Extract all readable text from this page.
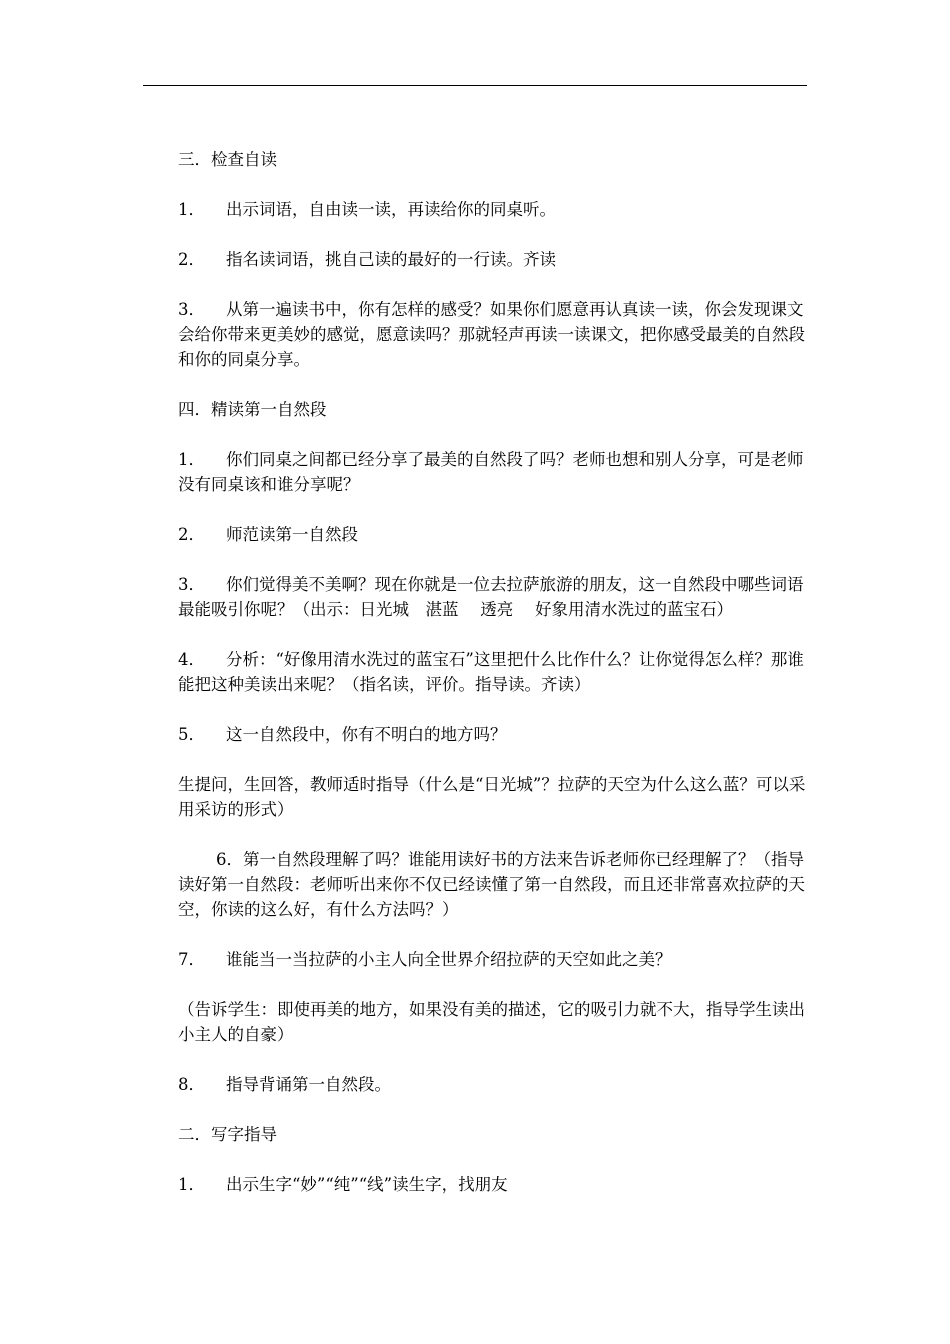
三．检查自读

1． 出示词语，自由读一读，再读给你的同桌听。

2． 指名读词语，挑自己读的最好的一行读。齐读

3． 从第一遍读书中，你有怎样的感受？如果你们愿意再认真读一读，你会发现课文会给你带来更美妙的感觉，愿意读吗？那就轻声再读一读课文，把你感受最美的自然段和你的同桌分享。

四．精读第一自然段

1． 你们同桌之间都已经分享了最美的自然段了吗？老师也想和别人分享，可是老师没有同桌该和谁分享呢？

2． 师范读第一自然段

3． 你们觉得美不美啊？现在你就是一位去拉萨旅游的朋友，这一自然段中哪些词语最能吸引你呢？（出示：日光城　湛蓝　 透亮　 好象用清水洗过的蓝宝石）

4． 分析：“好像用清水洗过的蓝宝石”这里把什么比作什么？让你觉得怎么样？那谁能把这种美读出来呢？（指名读，评价。指导读。齐读）

5． 这一自然段中，你有不明白的地方吗？

生提问，生回答，教师适时指导（什么是“日光城”？拉萨的天空为什么这么蓝？可以采用采访的形式）

6．第一自然段理解了吗？谁能用读好书的方法来告诉老师你已经理解了？（指导读好第一自然段：老师听出来你不仅已经读懂了第一自然段，而且还非常喜欢拉萨的天空，你读的这么好，有什么方法吗？）

7． 谁能当一当拉萨的小主人向全世界介绍拉萨的天空如此之美？

（告诉学生：即使再美的地方，如果没有美的描述，它的吸引力就不大，指导学生读出小主人的自豪）

8． 指导背诵第一自然段。

二．写字指导

1． 出示生字“妙”“纯”“线”读生字，找朋友
